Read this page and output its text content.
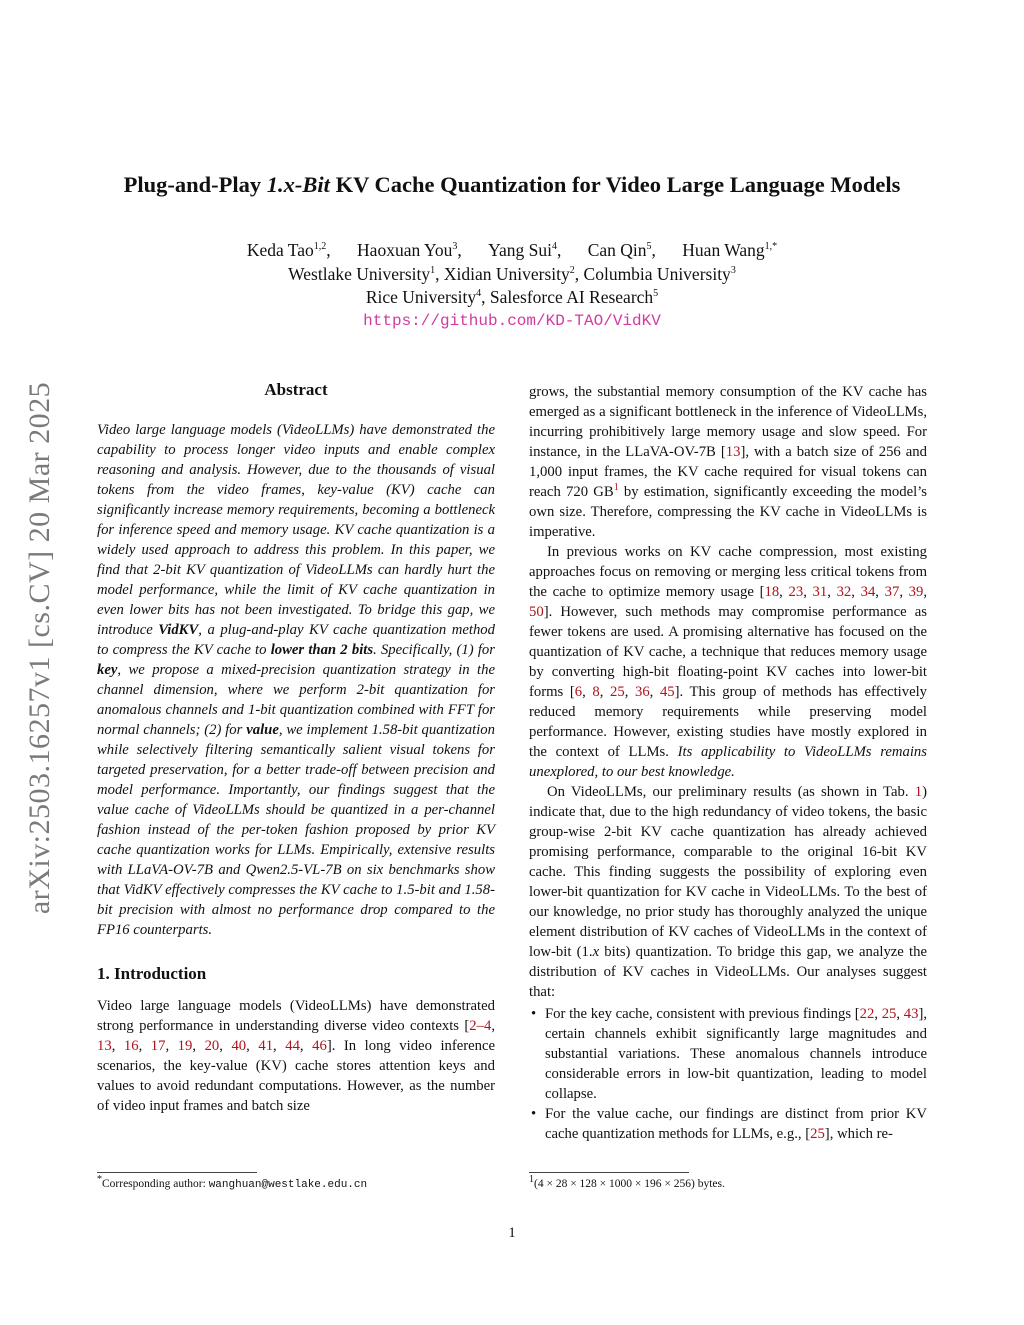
arXiv:2503.16257v1 [cs.CV] 20 Mar 2025
Plug-and-Play 1.x-Bit KV Cache Quantization for Video Large Language Models
Keda Tao$^{1,2}$, Haoxuan You$^3$, Yang Sui$^4$, Can Qin$^5$, Huan Wang$^{1,*}$
Westlake University$^1$, Xidian University$^2$, Columbia University$^3$
Rice University$^4$, Salesforce AI Research$^5$
https://github.com/KD-TAO/VidKV
Abstract

Video large language models (VideoLLMs) have demonstrated the capability to process longer video inputs and enable complex reasoning and analysis. However, due to the thousands of visual tokens from the video frames, key-value (KV) cache can significantly increase memory requirements, becoming a bottleneck for inference speed and memory usage. KV cache quantization is a widely used approach to address this problem. In this paper, we find that 2-bit KV quantization of VideoLLMs can hardly hurt the model performance, while the limit of KV cache quantization in even lower bits has not been investigated. To bridge this gap, we introduce VidKV, a plug-and-play KV cache quantization method to compress the KV cache to lower than 2 bits. Specifically, (1) for key, we propose a mixed-precision quantization strategy in the channel dimension, where we perform 2-bit quantization for anomalous channels and 1-bit quantization combined with FFT for normal channels; (2) for value, we implement 1.58-bit quantization while selectively filtering semantically salient visual tokens for targeted preservation, for a better trade-off between precision and model performance. Importantly, our findings suggest that the value cache of VideoLLMs should be quantized in a per-channel fashion instead of the per-token fashion proposed by prior KV cache quantization works for LLMs. Empirically, extensive results with LLaVA-OV-7B and Qwen2.5-VL-7B on six benchmarks show that VidKV effectively compresses the KV cache to 1.5-bit and 1.58-bit precision with almost no performance drop compared to the FP16 counterparts.

1. Introduction

Video large language models (VideoLLMs) have demonstrated strong performance in understanding diverse video contexts [2–4, 13, 16, 17, 19, 20, 40, 41, 44, 46]. In long video inference scenarios, the key-value (KV) cache stores attention keys and values to avoid redundant computations. However, as the number of video input frames and batch size

grows, the substantial memory consumption of the KV cache has emerged as a significant bottleneck in the inference of VideoLLMs, incurring prohibitively large memory usage and slow speed. For instance, in the LLaVA-OV-7B [13], with a batch size of 256 and 1,000 input frames, the KV cache required for visual tokens can reach 720 $GB^1$ by estimation, significantly exceeding the model’s own size. Therefore, compressing the KV cache in VideoLLMs is imperative.

In previous works on KV cache compression, most existing approaches focus on removing or merging less critical tokens from the cache to optimize memory usage [18, 23, 31, 32, 34, 37, 39, 50]. However, such methods may compromise performance as fewer tokens are used. A promising alternative has focused on the quantization of KV cache, a technique that reduces memory usage by converting high-bit floating-point KV caches into lower-bit forms [6, 8, 25, 36, 45]. This group of methods has effectively reduced memory requirements while preserving model performance. However, existing studies have mostly explored in the context of LLMs. Its applicability to VideoLLMs remains unexplored, to our best knowledge.

On VideoLLMs, our preliminary results (as shown in Tab. 1) indicate that, due to the high redundancy of video tokens, the basic group-wise 2-bit KV cache quantization has already achieved promising performance, comparable to the original 16-bit KV cache. This finding suggests the possibility of exploring even lower-bit quantization for KV cache in VideoLLMs. To the best of our knowledge, no prior study has thoroughly analyzed the unique element distribution of KV caches of VideoLLMs in the context of low-bit (1.x bits) quantization. To bridge this gap, we analyze the distribution of KV caches in VideoLLMs. Our analyses suggest that:

• For the key cache, consistent with previous findings [22, 25, 43], certain channels exhibit significantly large magnitudes and substantial variations. These anomalous channels introduce considerable errors in low-bit quantization, leading to model collapse.
• For the value cache, our findings are distinct from prior KV cache quantization methods for LLMs, e.g., [25], which re-
*Corresponding author: wanghuan@westlake.edu.cn	$^1$(4 × 28 × 128 × 1000 × 196 × 256) bytes.
1
